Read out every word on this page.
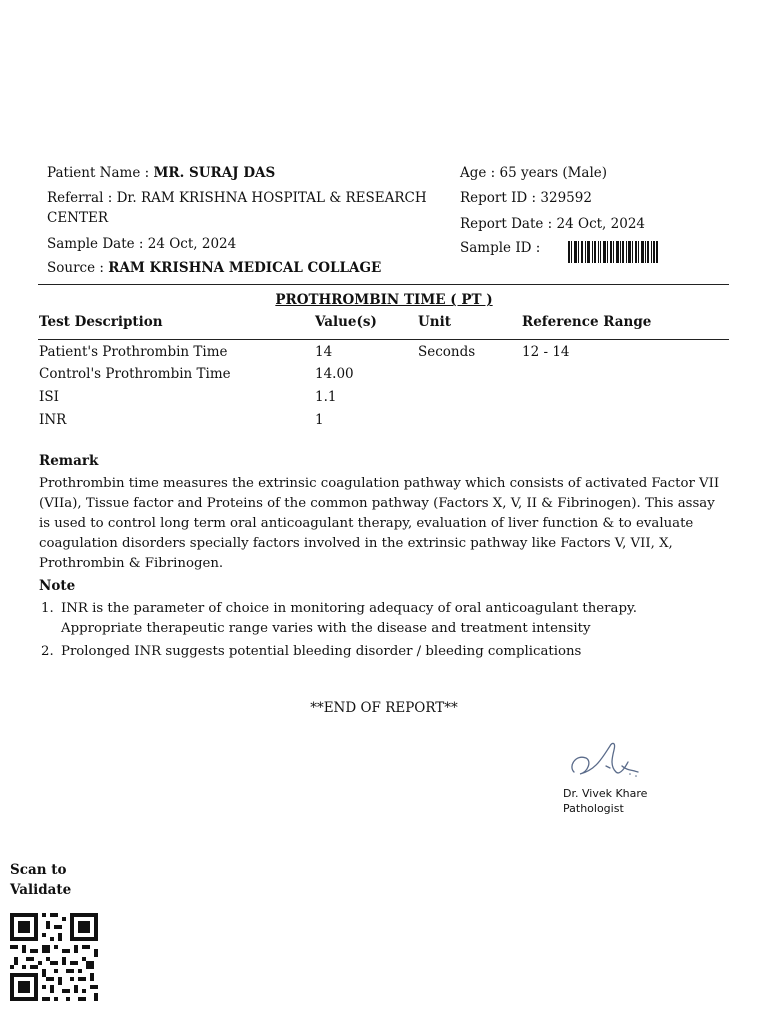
Patient Name : MR. SURAJ DAS
Referral : Dr. RAM KRISHNA HOSPITAL & RESEARCH
CENTER
Sample Date : 24 Oct, 2024
Source : RAM KRISHNA MEDICAL COLLAGE
Age : 65 years (Male)
Report ID : 329592
Report Date : 24 Oct, 2024
Sample ID :
PROTHROMBIN TIME ( PT )
Test Description	Value(s)	Unit	Reference Range
Patient's Prothrombin Time	14	Seconds	12 - 14
Control's Prothrombin Time	14.00
ISI	1.1
INR	1
Remark
Prothrombin time measures the extrinsic coagulation pathway which consists of activated Factor VII (VIIa), Tissue factor and Proteins of the common pathway (Factors X, V, II & Fibrinogen). This assay is used to control long term oral anticoagulant therapy, evaluation of liver function & to evaluate coagulation disorders specially factors involved in the extrinsic pathway like Factors V, VII, X, Prothrombin & Fibrinogen.
Note
1. INR is the parameter of choice in monitoring adequacy of oral anticoagulant therapy. Appropriate therapeutic range varies with the disease and treatment intensity
2. Prolonged INR suggests potential bleeding disorder / bleeding complications
**END OF REPORT**
Dr. Vivek Khare
Pathologist
Scan to
Validate
